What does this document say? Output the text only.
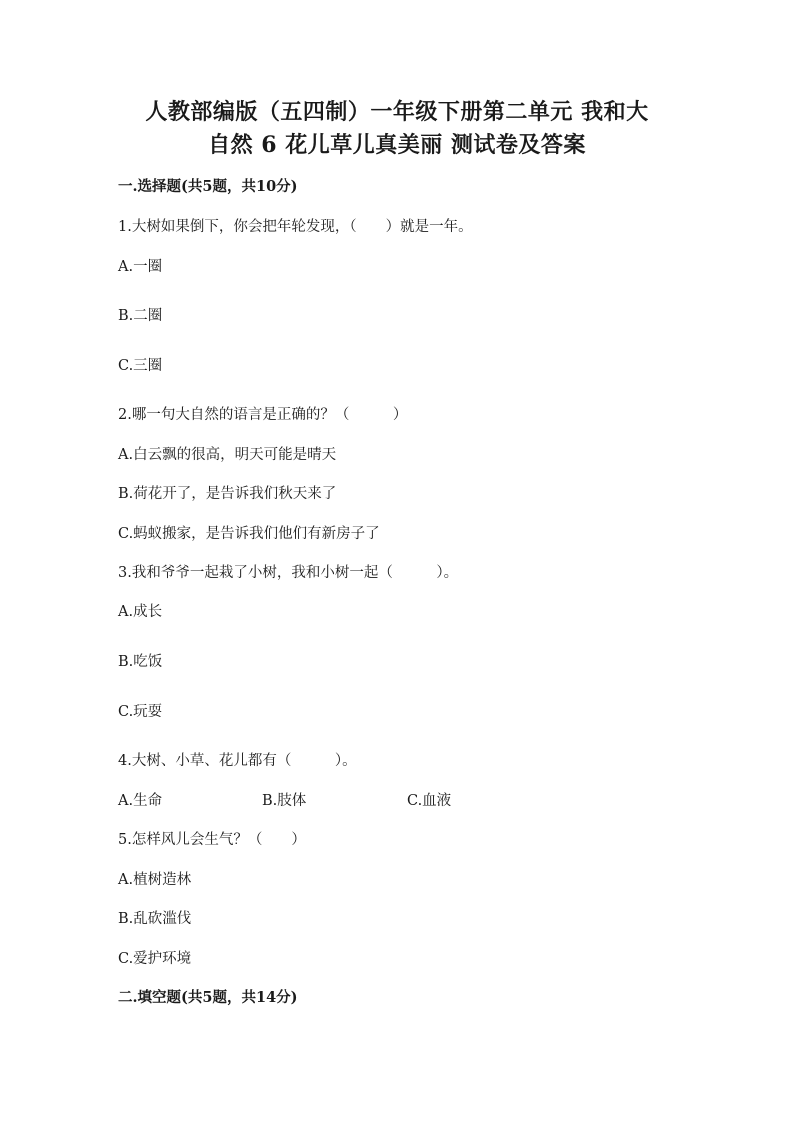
人教部编版（五四制）一年级下册第二单元 我和大
自然 6 花儿草儿真美丽 测试卷及答案
一.选择题(共5题，共10分)
1.大树如果倒下，你会把年轮发现，（　　）就是一年。
A.一圈
B.二圈
C.三圈
2.哪一句大自然的语言是正确的？（　　　）
A.白云飘的很高，明天可能是晴天
B.荷花开了，是告诉我们秋天来了
C.蚂蚁搬家，是告诉我们他们有新房子了
3.我和爷爷一起栽了小树，我和小树一起（　　　）。
A.成长
B.吃饭
C.玩耍
4.大树、小草、花儿都有（　　　）。
A.生命	B.肢体	C.血液
5.怎样风儿会生气？（　　）
A.植树造林
B.乱砍滥伐
C.爱护环境
二.填空题(共5题，共14分)
